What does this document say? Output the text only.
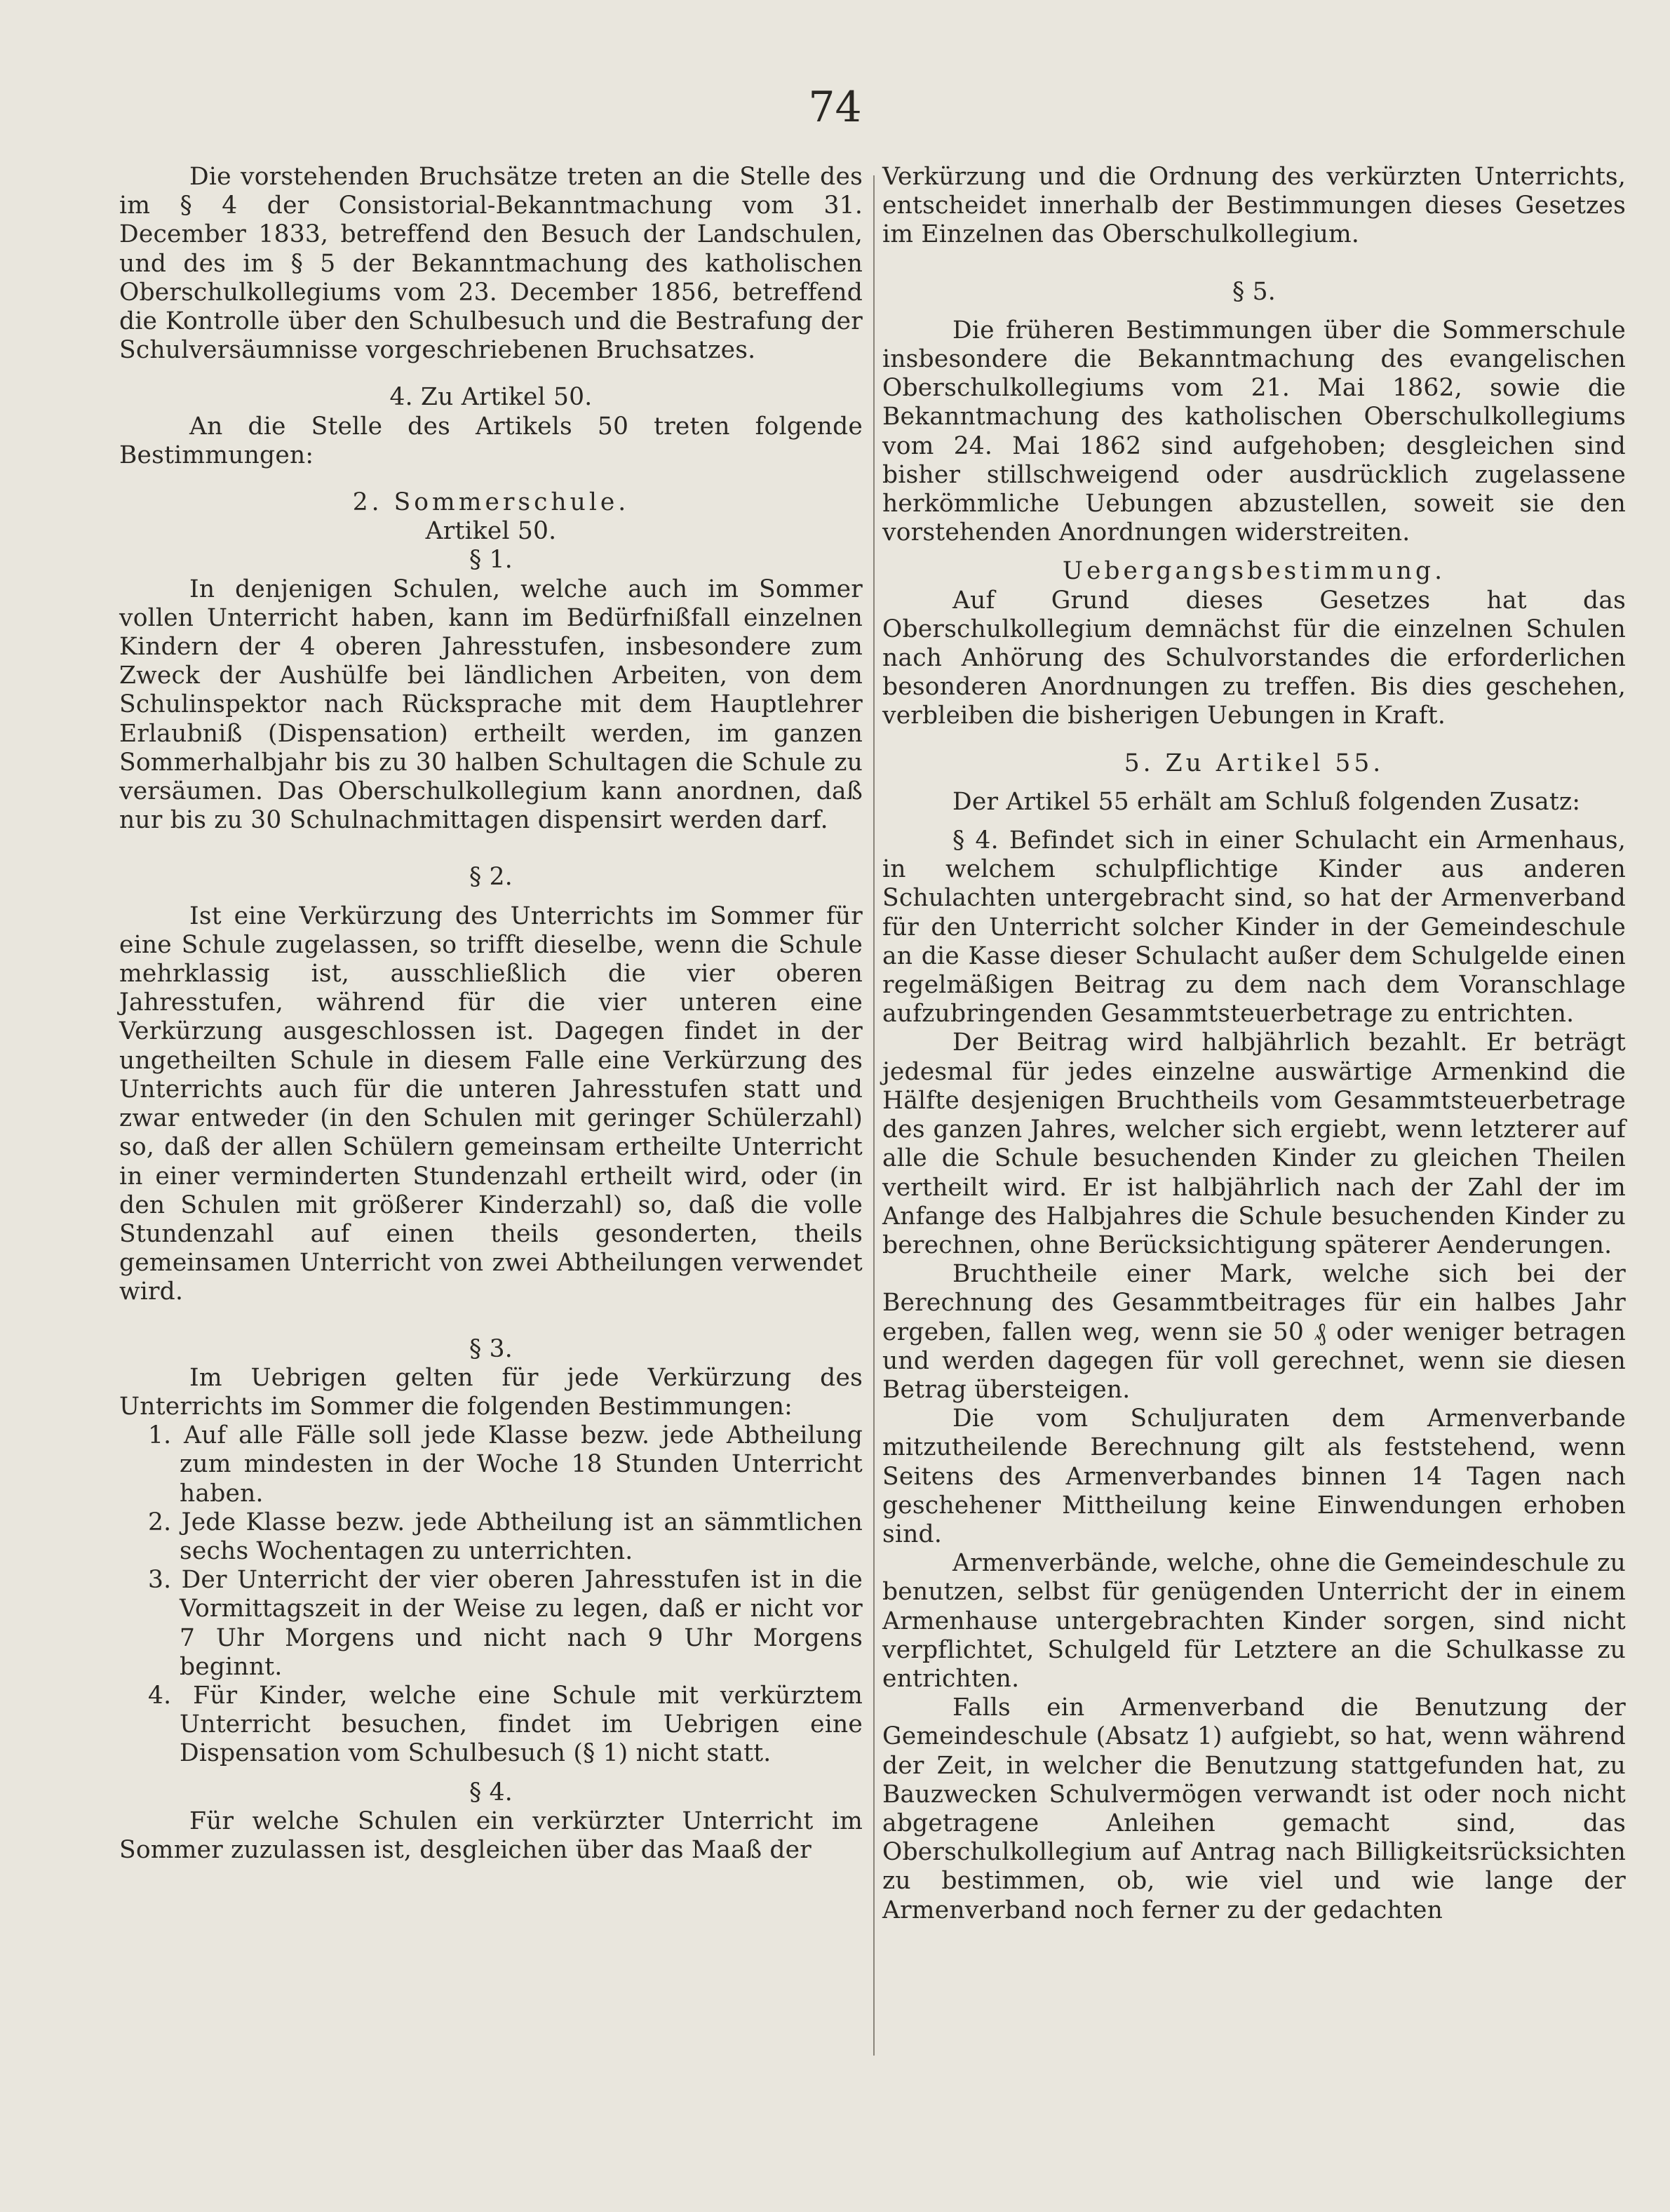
74

Die vorstehenden Bruchsätze treten an die Stelle des im § 4 der Consistorial-Bekanntmachung vom 31. December 1833, betreffend den Besuch der Landschulen, und des im § 5 der Bekanntmachung des katholischen Oberschulkollegiums vom 23. December 1856, betreffend die Kontrolle über den Schulbesuch und die Bestrafung der Schulversäumnisse vorgeschriebenen Bruchsatzes.

4. Zu Artikel 50.

An die Stelle des Artikels 50 treten folgende Bestimmungen:

2. Sommerschule.

Artikel 50.

§ 1.

In denjenigen Schulen, welche auch im Sommer vollen Unterricht haben, kann im Bedürfnißfall einzelnen Kindern der 4 oberen Jahresstufen, insbesondere zum Zweck der Aushülfe bei ländlichen Arbeiten, von dem Schulinspektor nach Rücksprache mit dem Hauptlehrer Erlaubniß (Dispensation) ertheilt werden, im ganzen Sommerhalbjahr bis zu 30 halben Schultagen die Schule zu versäumen. Das Oberschulkollegium kann anordnen, daß nur bis zu 30 Schulnachmittagen dispensirt werden darf.

§ 2.

Ist eine Verkürzung des Unterrichts im Sommer für eine Schule zugelassen, so trifft dieselbe, wenn die Schule mehrklassig ist, ausschließlich die vier oberen Jahresstufen, während für die vier unteren eine Verkürzung ausgeschlossen ist. Dagegen findet in der ungetheilten Schule in diesem Falle eine Verkürzung des Unterrichts auch für die unteren Jahresstufen statt und zwar entweder (in den Schulen mit geringer Schülerzahl) so, daß der allen Schülern gemeinsam ertheilte Unterricht in einer verminderten Stundenzahl ertheilt wird, oder (in den Schulen mit größerer Kinderzahl) so, daß die volle Stundenzahl auf einen theils gesonderten, theils gemeinsamen Unterricht von zwei Abtheilungen verwendet wird.

§ 3.

Im Uebrigen gelten für jede Verkürzung des Unterrichts im Sommer die folgenden Bestimmungen:

1. Auf alle Fälle soll jede Klasse bezw. jede Abtheilung zum mindesten in der Woche 18 Stunden Unterricht haben.

2. Jede Klasse bezw. jede Abtheilung ist an sämmtlichen sechs Wochentagen zu unterrichten.

3. Der Unterricht der vier oberen Jahresstufen ist in die Vormittagszeit in der Weise zu legen, daß er nicht vor 7 Uhr Morgens und nicht nach 9 Uhr Morgens beginnt.

4. Für Kinder, welche eine Schule mit verkürztem Unterricht besuchen, findet im Uebrigen eine Dispensation vom Schulbesuch (§ 1) nicht statt.

§ 4.

Für welche Schulen ein verkürzter Unterricht im Sommer zuzulassen ist, desgleichen über das Maaß der

Verkürzung und die Ordnung des verkürzten Unterrichts, entscheidet innerhalb der Bestimmungen dieses Gesetzes im Einzelnen das Oberschulkollegium.

§ 5.

Die früheren Bestimmungen über die Sommerschule insbesondere die Bekanntmachung des evangelischen Oberschulkollegiums vom 21. Mai 1862, sowie die Bekanntmachung des katholischen Oberschulkollegiums vom 24. Mai 1862 sind aufgehoben; desgleichen sind bisher stillschweigend oder ausdrücklich zugelassene herkömmliche Uebungen abzustellen, soweit sie den vorstehenden Anordnungen widerstreiten.

Uebergangsbestimmung.

Auf Grund dieses Gesetzes hat das Oberschulkollegium demnächst für die einzelnen Schulen nach Anhörung des Schulvorstandes die erforderlichen besonderen Anordnungen zu treffen. Bis dies geschehen, verbleiben die bisherigen Uebungen in Kraft.

5. Zu Artikel 55.

Der Artikel 55 erhält am Schluß folgenden Zusatz:

§ 4. Befindet sich in einer Schulacht ein Armenhaus, in welchem schulpflichtige Kinder aus anderen Schulachten untergebracht sind, so hat der Armenverband für den Unterricht solcher Kinder in der Gemeindeschule an die Kasse dieser Schulacht außer dem Schulgelde einen regelmäßigen Beitrag zu dem nach dem Voranschlage aufzubringenden Gesammtsteuerbetrage zu entrichten.

Der Beitrag wird halbjährlich bezahlt. Er beträgt jedesmal für jedes einzelne auswärtige Armenkind die Hälfte desjenigen Bruchtheils vom Gesammtsteuerbetrage des ganzen Jahres, welcher sich ergiebt, wenn letzterer auf alle die Schule besuchenden Kinder zu gleichen Theilen vertheilt wird. Er ist halbjährlich nach der Zahl der im Anfange des Halbjahres die Schule besuchenden Kinder zu berechnen, ohne Berücksichtigung späterer Aenderungen.

Bruchtheile einer Mark, welche sich bei der Berechnung des Gesammtbeitrages für ein halbes Jahr ergeben, fallen weg, wenn sie 50 ₰ oder weniger betragen und werden dagegen für voll gerechnet, wenn sie diesen Betrag übersteigen.

Die vom Schuljuraten dem Armenverbande mitzutheilende Berechnung gilt als feststehend, wenn Seitens des Armenverbandes binnen 14 Tagen nach geschehener Mittheilung keine Einwendungen erhoben sind.

Armenverbände, welche, ohne die Gemeindeschule zu benutzen, selbst für genügenden Unterricht der in einem Armenhause untergebrachten Kinder sorgen, sind nicht verpflichtet, Schulgeld für Letztere an die Schulkasse zu entrichten.

Falls ein Armenverband die Benutzung der Gemeindeschule (Absatz 1) aufgiebt, so hat, wenn während der Zeit, in welcher die Benutzung stattgefunden hat, zu Bauzwecken Schulvermögen verwandt ist oder noch nicht abgetragene Anleihen gemacht sind, das Oberschulkollegium auf Antrag nach Billigkeitsrücksichten zu bestimmen, ob, wie viel und wie lange der Armenverband noch ferner zu der gedachten
